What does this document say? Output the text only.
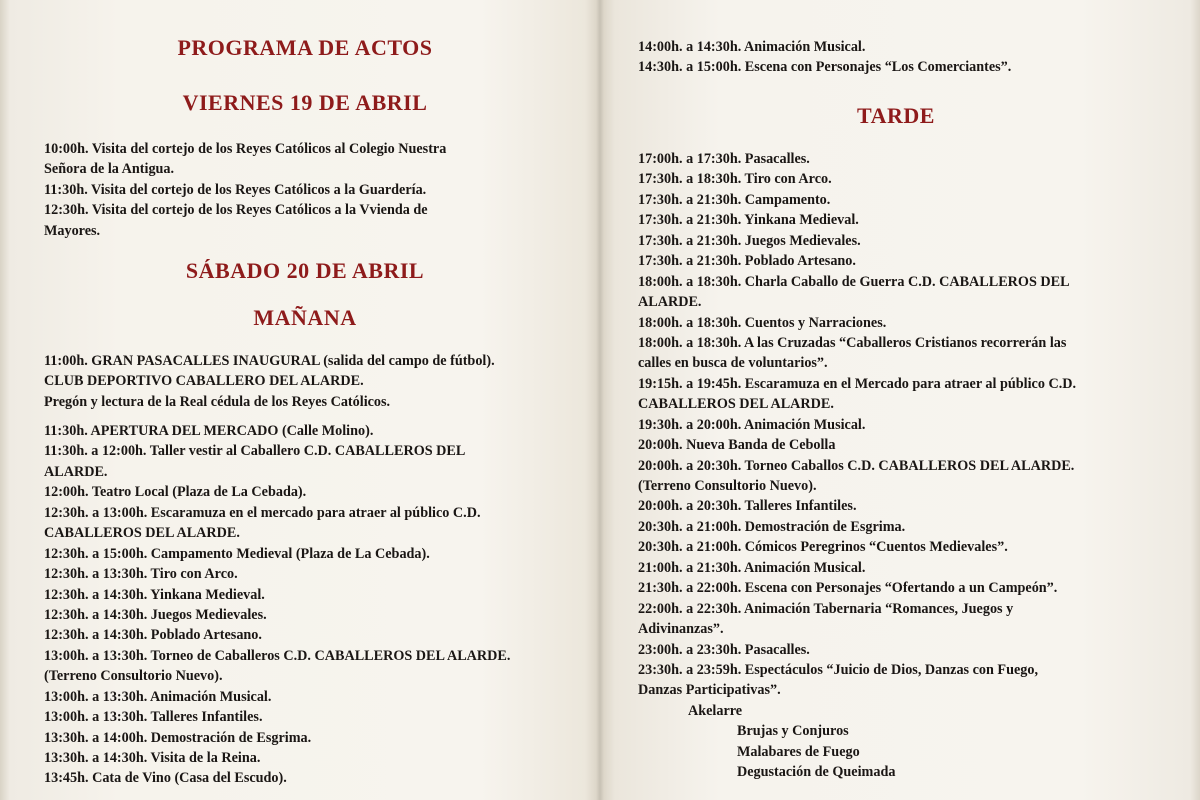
PROGRAMA DE ACTOS
VIERNES 19 DE ABRIL
10:00h. Visita del cortejo de los Reyes Católicos al Colegio Nuestra
Señora de la Antigua.
11:30h. Visita del cortejo de los Reyes Católicos a la Guardería.
12:30h. Visita del cortejo de los Reyes Católicos a la Vvienda de
Mayores.
SÁBADO 20 DE ABRIL
MAÑANA
11:00h. GRAN PASACALLES INAUGURAL (salida del campo de fútbol).
CLUB DEPORTIVO CABALLERO DEL ALARDE.
Pregón y lectura de la Real cédula de los Reyes Católicos.
11:30h. APERTURA DEL MERCADO (Calle Molino).
11:30h. a 12:00h. Taller vestir al Caballero C.D. CABALLEROS DEL
ALARDE.
12:00h. Teatro Local (Plaza de La Cebada).
12:30h. a 13:00h. Escaramuza en el mercado para atraer al público C.D.
CABALLEROS DEL ALARDE.
12:30h. a 15:00h. Campamento Medieval (Plaza de La Cebada).
12:30h. a 13:30h. Tiro con Arco.
12:30h. a 14:30h. Yinkana Medieval.
12:30h. a 14:30h. Juegos Medievales.
12:30h. a 14:30h. Poblado Artesano.
13:00h. a 13:30h. Torneo de Caballeros C.D. CABALLEROS DEL ALARDE.
(Terreno Consultorio Nuevo).
13:00h. a 13:30h. Animación Musical.
13:00h. a 13:30h. Talleres Infantiles.
13:30h. a 14:00h. Demostración de Esgrima.
13:30h. a 14:30h. Visita de la Reina.
13:45h. Cata de Vino (Casa del Escudo).
14:00h. a 14:30h. Animación Musical.
14:30h. a 15:00h. Escena con Personajes “Los Comerciantes”.
TARDE
17:00h. a 17:30h. Pasacalles.
17:30h. a 18:30h. Tiro con Arco.
17:30h. a 21:30h. Campamento.
17:30h. a 21:30h. Yinkana Medieval.
17:30h. a 21:30h. Juegos Medievales.
17:30h. a 21:30h. Poblado Artesano.
18:00h. a 18:30h. Charla Caballo de Guerra C.D. CABALLEROS DEL
ALARDE.
18:00h. a 18:30h. Cuentos y Narraciones.
18:00h. a 18:30h. A las Cruzadas “Caballeros Cristianos recorrerán las
calles en busca de voluntarios”.
19:15h. a 19:45h. Escaramuza en el Mercado para atraer al público C.D.
CABALLEROS DEL ALARDE.
19:30h. a 20:00h. Animación Musical.
20:00h. Nueva Banda de Cebolla
20:00h. a 20:30h. Torneo Caballos C.D. CABALLEROS DEL ALARDE.
(Terreno Consultorio Nuevo).
20:00h. a 20:30h. Talleres Infantiles.
20:30h. a 21:00h. Demostración de Esgrima.
20:30h. a 21:00h. Cómicos Peregrinos “Cuentos Medievales”.
21:00h. a 21:30h. Animación Musical.
21:30h. a 22:00h. Escena con Personajes “Ofertando a un Campeón”.
22:00h. a 22:30h. Animación Tabernaria “Romances, Juegos y
Adivinanzas”.
23:00h. a 23:30h. Pasacalles.
23:30h. a 23:59h. Espectáculos “Juicio de Dios, Danzas con Fuego,
Danzas Participativas”.
Akelarre
Brujas y Conjuros
Malabares de Fuego
Degustación de Queimada
